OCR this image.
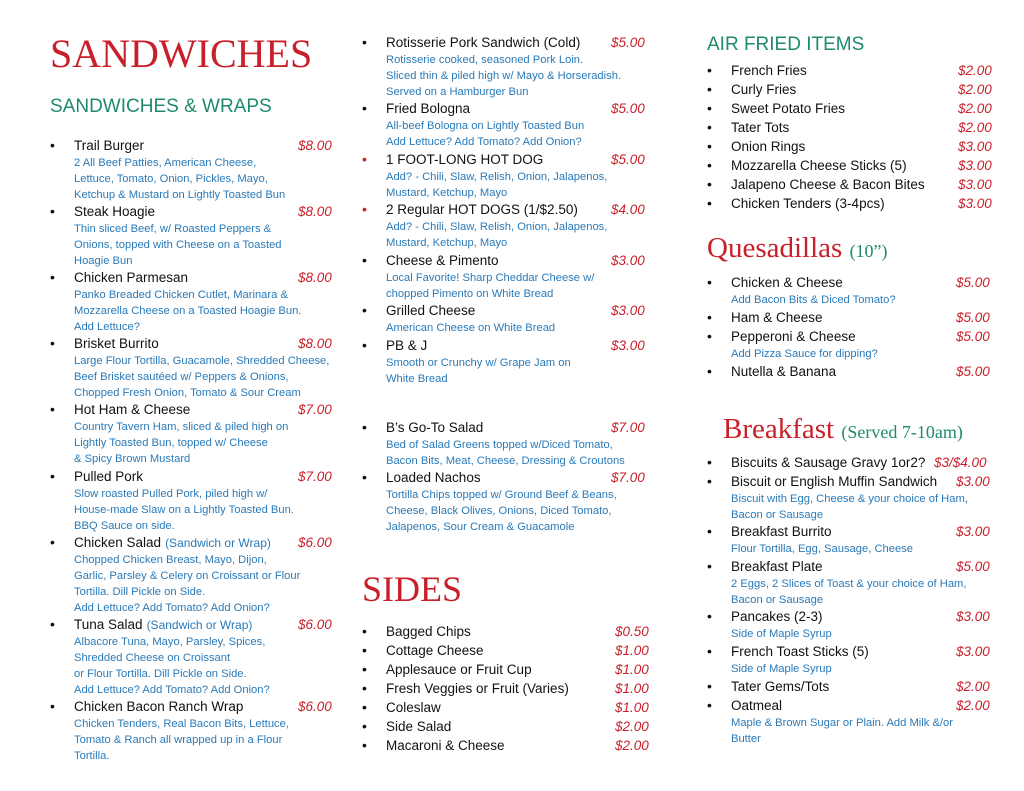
SANDWICHES
SANDWICHES & WRAPS
• Trail Burger	$8.00
2 All Beef Patties, American Cheese,
Lettuce, Tomato, Onion, Pickles, Mayo,
Ketchup & Mustard on Lightly Toasted Bun
• Steak Hoagie	$8.00
Thin sliced Beef, w/ Roasted Peppers &
Onions, topped with Cheese on a Toasted
Hoagie Bun
• Chicken Parmesan	$8.00
Panko Breaded Chicken Cutlet, Marinara &
Mozzarella Cheese on a Toasted Hoagie Bun.
Add Lettuce?
• Brisket Burrito	$8.00
Large Flour Tortilla, Guacamole, Shredded Cheese,
Beef Brisket sautéed w/ Peppers & Onions,
Chopped Fresh Onion, Tomato & Sour Cream
• Hot Ham & Cheese	$7.00
Country Tavern Ham, sliced & piled high on
Lightly Toasted Bun, topped w/ Cheese
& Spicy Brown Mustard
• Pulled Pork	$7.00
Slow roasted Pulled Pork, piled high w/
House-made Slaw on a Lightly Toasted Bun.
BBQ Sauce on side.
• Chicken Salad (Sandwich or Wrap) $6.00
Chopped Chicken Breast, Mayo, Dijon,
Garlic, Parsley & Celery on Croissant or Flour
Tortilla. Dill Pickle on Side.
Add Lettuce? Add Tomato? Add Onion?
• Tuna Salad (Sandwich or Wrap)	$6.00
Albacore Tuna, Mayo, Parsley, Spices,
Shredded Cheese on Croissant
or Flour Tortilla. Dill Pickle on Side.
Add Lettuce? Add Tomato? Add Onion?
• Chicken Bacon Ranch Wrap	$6.00
Chicken Tenders, Real Bacon Bits, Lettuce,
Tomato & Ranch all wrapped up in a Flour
Tortilla.
• Rotisserie Pork Sandwich (Cold) $5.00
Rotisserie cooked, seasoned Pork Loin.
Sliced thin & piled high w/ Mayo & Horseradish.
Served on a Hamburger Bun
• Fried Bologna	$5.00
All-beef Bologna on Lightly Toasted Bun
Add Lettuce? Add Tomato? Add Onion?
• 1 FOOT-LONG HOT DOG	$5.00
Add? - Chili, Slaw, Relish, Onion, Jalapenos,
Mustard, Ketchup, Mayo
• 2 Regular HOT DOGS (1/$2.50) $4.00
Add? - Chili, Slaw, Relish, Onion, Jalapenos,
Mustard, Ketchup, Mayo
• Cheese & Pimento	$3.00
Local Favorite! Sharp Cheddar Cheese w/
chopped Pimento on White Bread
• Grilled Cheese	$3.00
American Cheese on White Bread
• PB & J	$3.00
Smooth or Crunchy w/ Grape Jam on
White Bread
• B’s Go-To Salad	$7.00
Bed of Salad Greens topped w/Diced Tomato,
Bacon Bits, Meat, Cheese, Dressing & Croutons
• Loaded Nachos	$7.00
Tortilla Chips topped w/ Ground Beef & Beans,
Cheese, Black Olives, Onions, Diced Tomato,
Jalapenos, Sour Cream & Guacamole
SIDES
• Bagged Chips	$0.50
• Cottage Cheese	$1.00
• Applesauce or Fruit Cup	$1.00
• Fresh Veggies or Fruit (Varies)	$1.00
• Coleslaw	$1.00
• Side Salad	$2.00
• Macaroni & Cheese	$2.00
AIR FRIED ITEMS
• French Fries	$2.00
• Curly Fries	$2.00
• Sweet Potato Fries	$2.00
• Tater Tots	$2.00
• Onion Rings	$3.00
• Mozzarella Cheese Sticks (5)	$3.00
• Jalapeno Cheese & Bacon Bites $3.00
• Chicken Tenders (3-4pcs)	$3.00
Quesadillas (10”)
• Chicken & Cheese	$5.00
Add Bacon Bits & Diced Tomato?
• Ham & Cheese	$5.00
• Pepperoni & Cheese	$5.00
Add Pizza Sauce for dipping?
• Nutella & Banana	$5.00
Breakfast (Served 7-10am)
• Biscuits & Sausage Gravy 1or2? $3/$4.00
• Biscuit or English Muffin Sandwich $3.00
Biscuit with Egg, Cheese & your choice of Ham,
Bacon or Sausage
• Breakfast Burrito	$3.00
Flour Tortilla, Egg, Sausage, Cheese
• Breakfast Plate	$5.00
2 Eggs, 2 Slices of Toast & your choice of Ham,
Bacon or Sausage
• Pancakes (2-3)	$3.00
Side of Maple Syrup
• French Toast Sticks (5)	$3.00
Side of Maple Syrup
• Tater Gems/Tots	$2.00
• Oatmeal	$2.00
Maple & Brown Sugar or Plain. Add Milk &/or
Butter
